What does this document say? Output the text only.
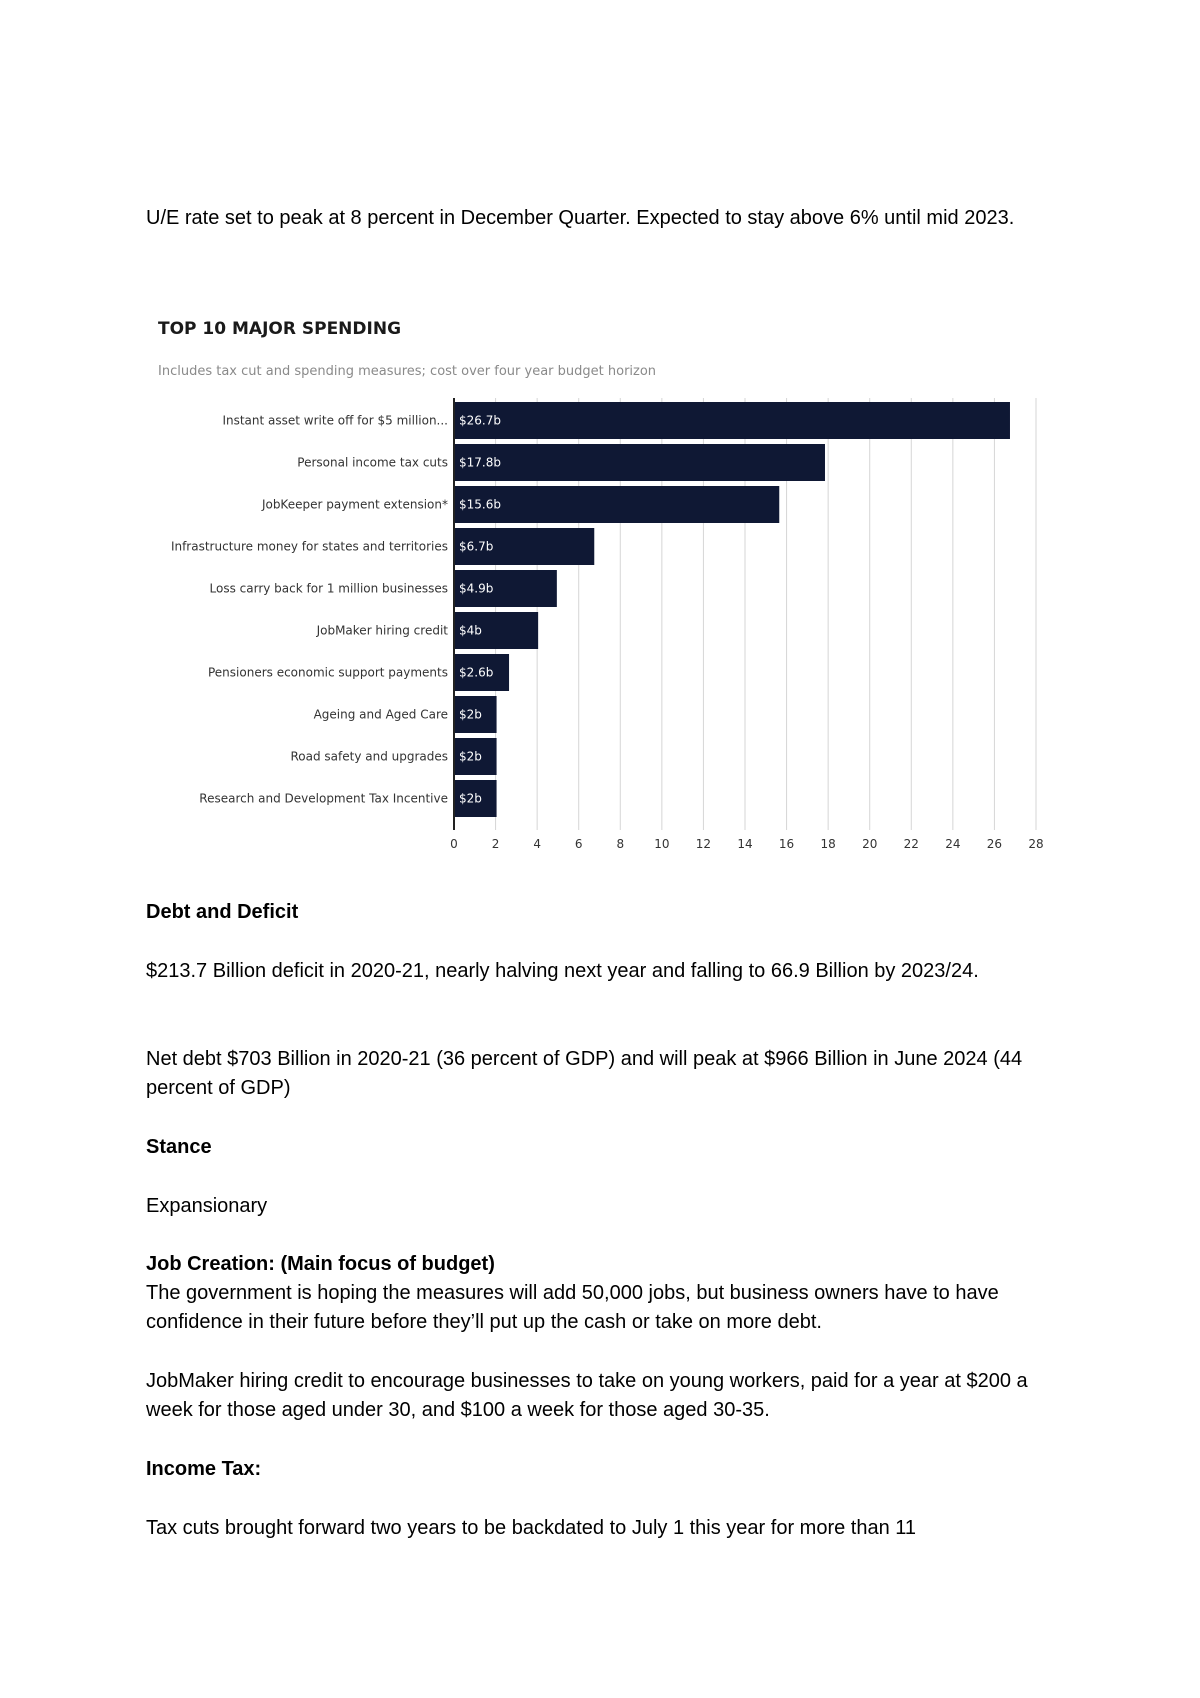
U/E rate set to peak at 8 percent in December Quarter. Expected to stay above 6% until mid 2023.

TOP 10 MAJOR SPENDING
Includes tax cut and spending measures; cost over four year budget horizon
Instant asset write off for $5 million... $26.7b
Personal income tax cuts $17.8b
JobKeeper payment extension* $15.6b
Infrastructure money for states and territories $6.7b
Loss carry back for 1 million businesses $4.9b
JobMaker hiring credit $4b
Pensioners economic support payments $2.6b
Ageing and Aged Care $2b
Road safety and upgrades $2b
Research and Development Tax Incentive $2b
0	2	4	6	8	10 12 14 16 18 20 22 24 26 28

Debt and Deficit

$213.7 Billion deficit in 2020-21, nearly halving next year and falling to 66.9 Billion by 2023/24.

Net debt $703 Billion in 2020-21 (36 percent of GDP) and will peak at $966 Billion in June 2024 (44 percent of GDP)

Stance

Expansionary

Job Creation: (Main focus of budget)

The government is hoping the measures will add 50,000 jobs, but business owners have to have confidence in their future before they’ll put up the cash or take on more debt.

JobMaker hiring credit to encourage businesses to take on young workers, paid for a year at $200 a week for those aged under 30, and $100 a week for those aged 30-35.

Income Tax:

Tax cuts brought forward two years to be backdated to July 1 this year for more than 11
